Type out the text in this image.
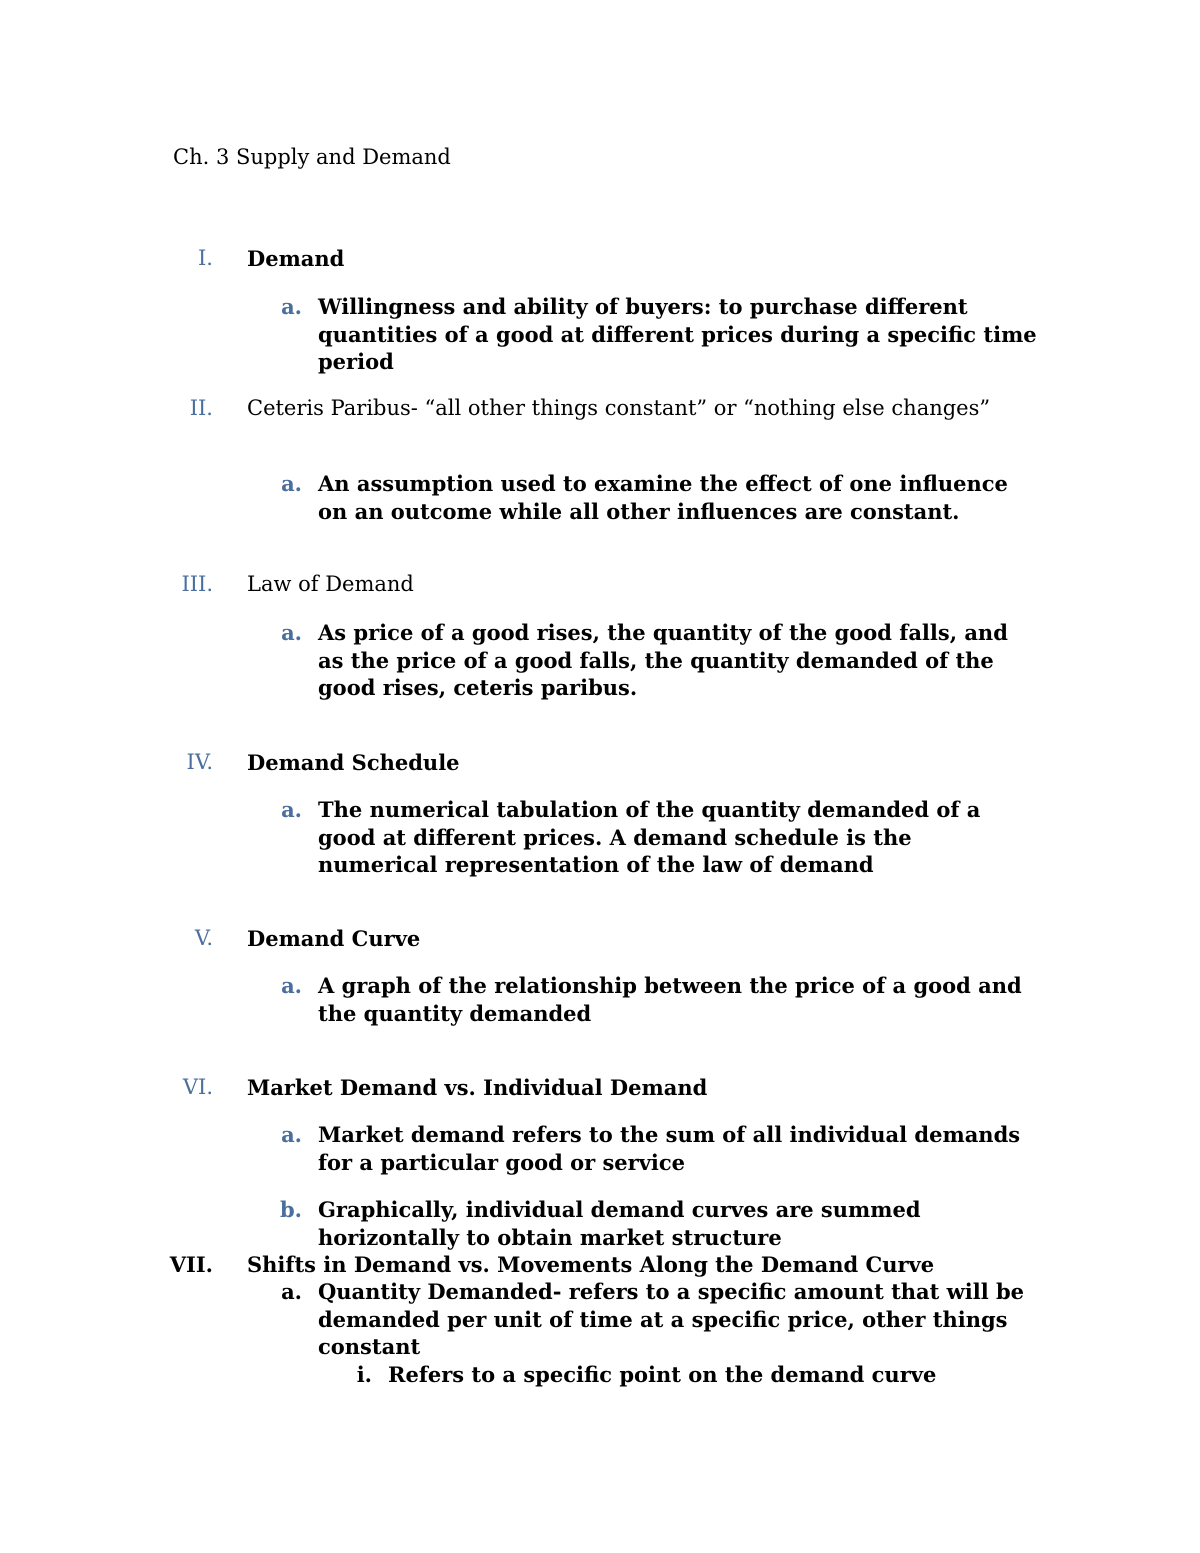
Ch. 3 Supply and Demand
I. Demand
a. Willingness and ability of buyers: to purchase different quantities of a good at different prices during a specific time period
II. Ceteris Paribus- “all other things constant” or “nothing else changes”
a. An assumption used to examine the effect of one influence on an outcome while all other influences are constant.
III. Law of Demand
a. As price of a good rises, the quantity of the good falls, and as the price of a good falls, the quantity demanded of the good rises, ceteris paribus.
IV. Demand Schedule
a. The numerical tabulation of the quantity demanded of a good at different prices. A demand schedule is the numerical representation of the law of demand
V. Demand Curve
a. A graph of the relationship between the price of a good and the quantity demanded
VI. Market Demand vs. Individual Demand
a. Market demand refers to the sum of all individual demands for a particular good or service
b. Graphically, individual demand curves are summed horizontally to obtain market structure
VII. Shifts in Demand vs. Movements Along the Demand Curve
a. Quantity Demanded- refers to a specific amount that will be demanded per unit of time at a specific price, other things constant
i. Refers to a specific point on the demand curve
